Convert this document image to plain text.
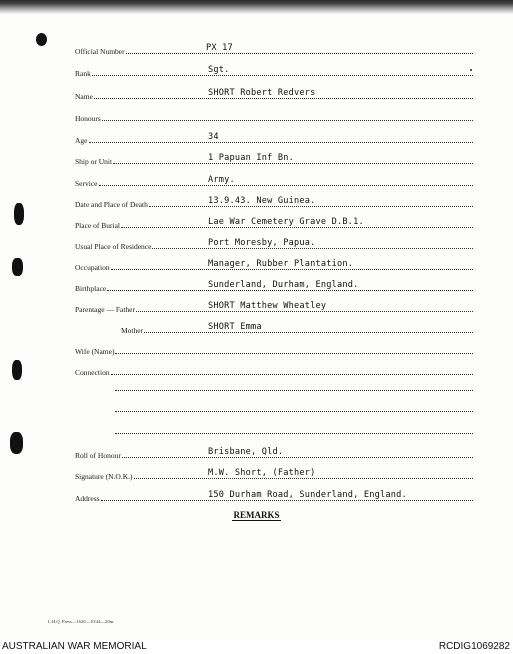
Official Number	PX 17
Rank	Sgt.
Name	SHORT Robert Redvers
Honours
Age	34
Ship or Unit	1 Papuan Inf Bn.
Service	Army.
Date and Place of Death	13.9.43. New Guinea.
Place of Burial	Lae War Cemetery Grave D.B.1.
Usual Place of Residence	Port Moresby, Papua.
Occupation	Manager, Rubber Plantation.
Birthplace	Sunderland, Durham, England.
Parentage — Father	SHORT Matthew Wheatley
Mother	SHORT Emma
Wife (Name)
Connection
Roll of Honour	Brisbane, Qld.
Signature (N.O.K.)	M.W. Short, (Father)
Address	150 Durham Road, Sunderland, England.
REMARKS
L.H.Q. Press—1626—10/44—20m.
AUSTRALIAN WAR MEMORIAL	RCDIG1069282
